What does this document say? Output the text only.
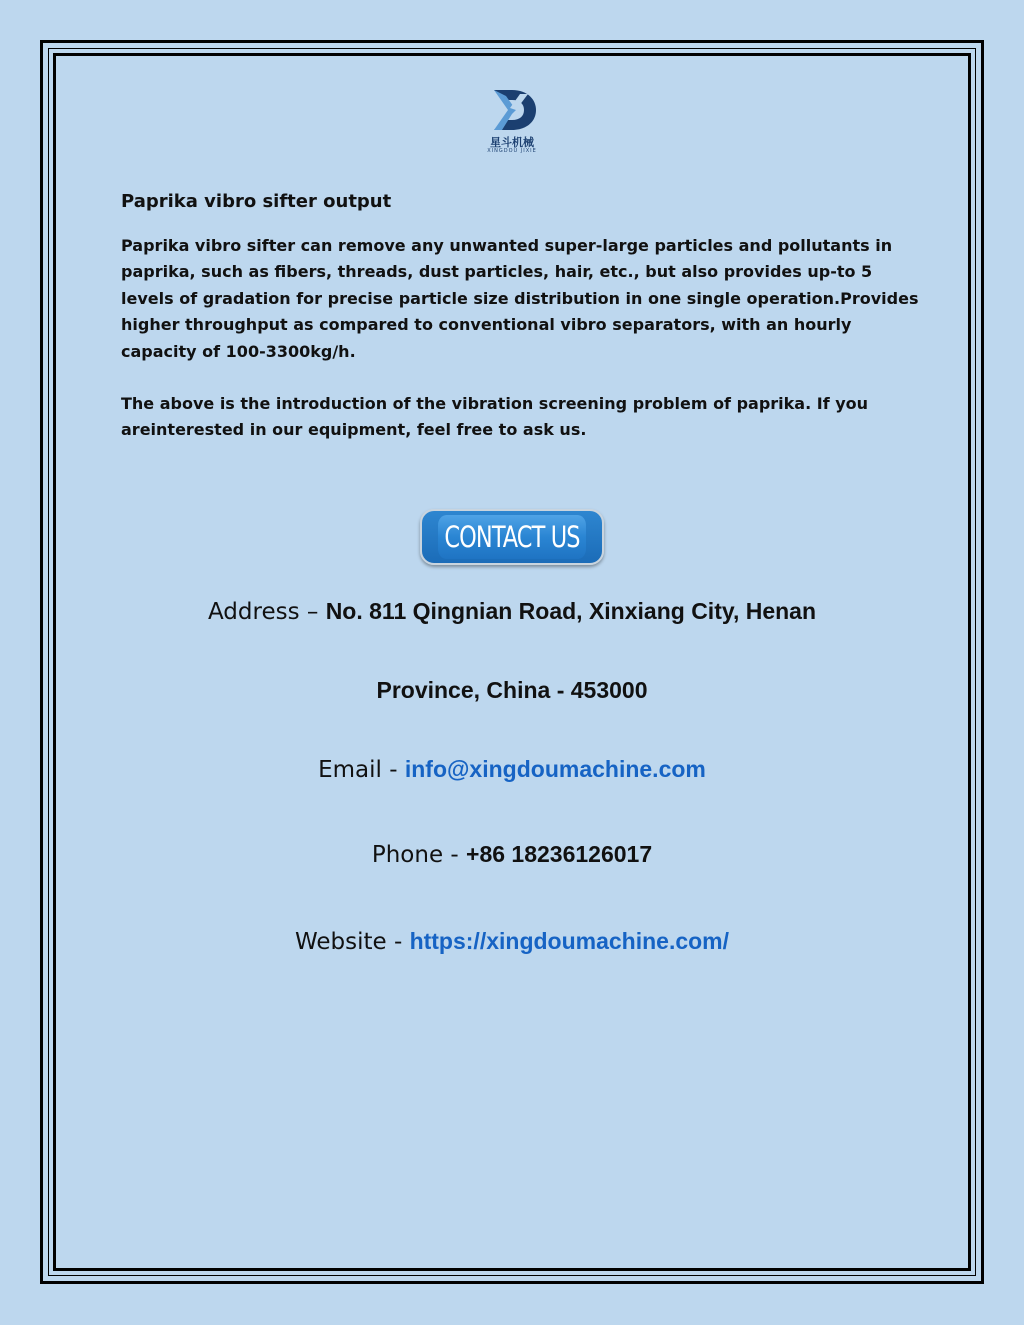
星斗机械
XINGDOU JIXIE
Paprika vibro sifter output
Paprika vibro sifter can remove any unwanted super-large particles and pollutants in paprika, such as fibers, threads, dust particles, hair, etc., but also provides up-to 5 levels of gradation for precise particle size distribution in one single operation.Provides higher throughput as compared to conventional vibro separators, with an hourly capacity of 100-3300kg/h.
The above is the introduction of the vibration screening problem of paprika. If you areinterested in our equipment, feel free to ask us.
CONTACT US
Address – No. 811 Qingnian Road, Xinxiang City, Henan
Province, China - 453000
Email - info@xingdoumachine.com
Phone - +86 18236126017
Website - https://xingdoumachine.com/
